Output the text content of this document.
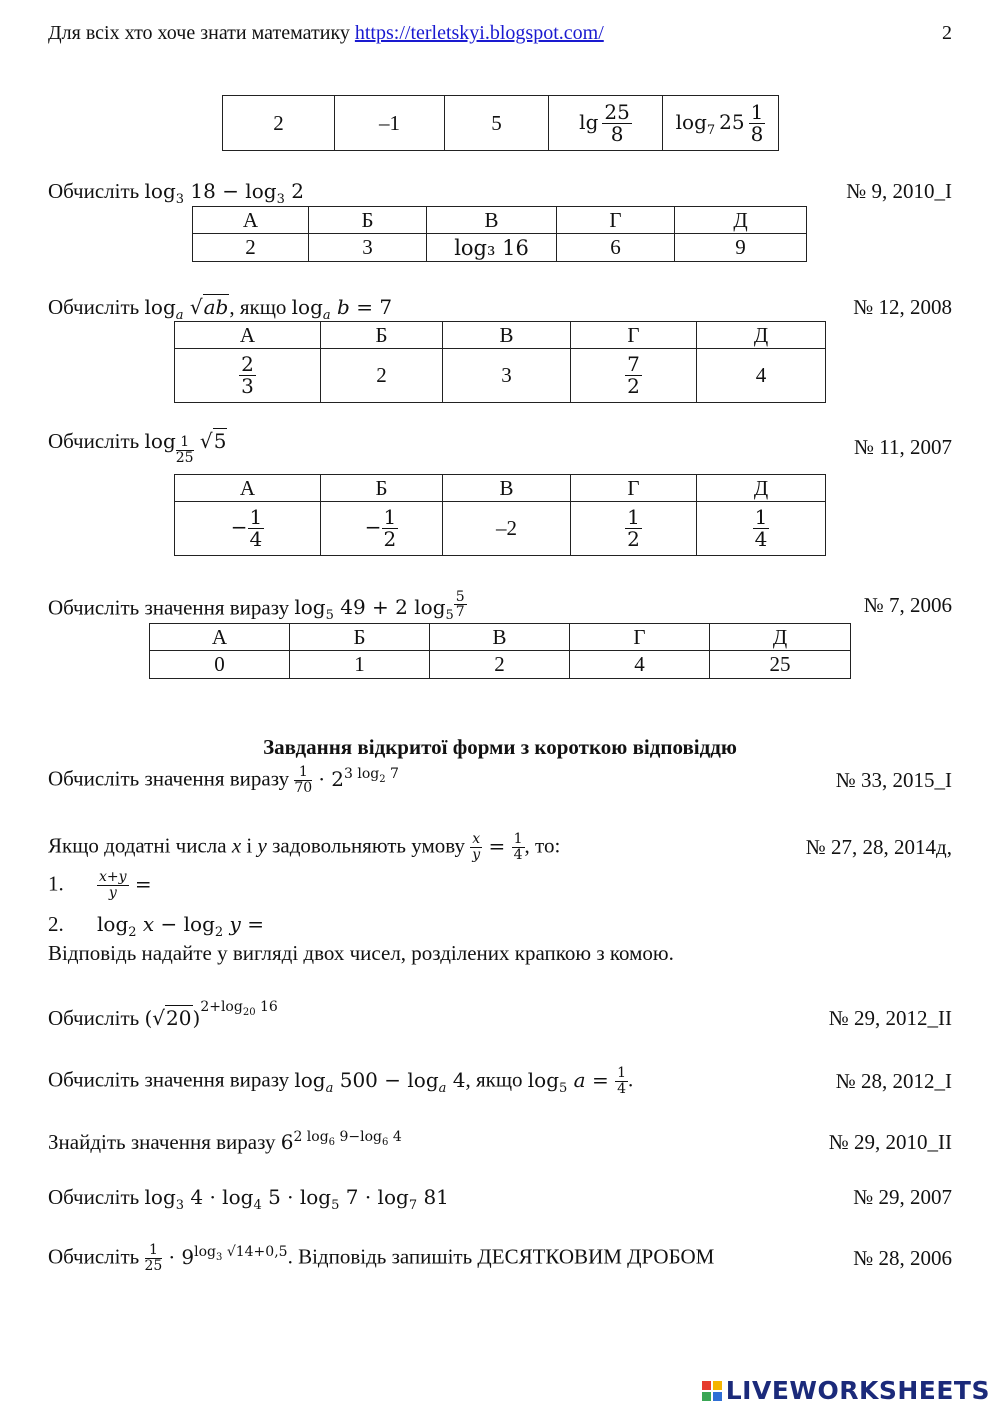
Для всіх хто хоче знати математику https://terletskyi.blogspot.com/	2
2	–1	5	$\lg \frac{25}{8}$	$\log_7 25 \frac{1}{8}$
Обчисліть $\log_3 18 - \log_3 2$	№ 9, 2010_I
А	Б	В	Г	Д
2	3	log₃ 16	6	9
Обчисліть $\log_a √ab$, якщо $\log_a b = 7$	№ 12, 2008
А	Б	В	Г	Д

$\frac{2}{3}$	2	3	$\frac{7}{2}$	4
Обчисліть $\log \frac{1}{25} √5$	№ 11, 2007
А	Б	В	Г	Д
− $\frac{1}{4}$	− $\frac{1}{2}$	–2	$\frac{1}{2}$	$\frac{1}{4}$
Обчисліть значення виразу $\log_5 49 + 2$ $\log_5 \frac{5}{7}$	№ 7, 2006
А	Б	В	Г	Д
0	1	2	4	25
Завдання відкритої форми з короткою відповіддю
Обчисліть значення виразу $\frac{1}{70} \cdot 2^{3 log_2 7}$	№ 33, 2015_I
Якщо додатні числа x i y задовольняють умову $\frac{x}{y} = \frac{1}{4}$ , то:	№ 27, 28, 2014д,
1. $\frac{x+y}{y}$ =
2. $\log_2 x - \log_2 y$ =
Відповідь надайте у вигляді двох чисел, розділених крапкою з комою.
Обчисліть $(√20)^{2+log_{20} 16}$	№ 29, 2012_II
Обчисліть значення виразу $\log_a 500 - \log_a 4$, якщо $\log_5 a = \frac{1}{4}$ .	№ 28, 2012_I
Знайдіть значення виразу $6^{2 log_6 9-log_6 4}$	№ 29, 2010_II
Обчисліть $\log_3 4 \cdot \log_4 5 \cdot \log_5 7 \cdot \log_7 81$	№ 29, 2007
Обчисліть $\frac{1}{25} \cdot 9^{log_3 √14+0,5}$. Відповідь запишіть ДЕСЯТКОВИМ ДРОБОМ	№ 28, 2006
LIVEWORKSHEETS
